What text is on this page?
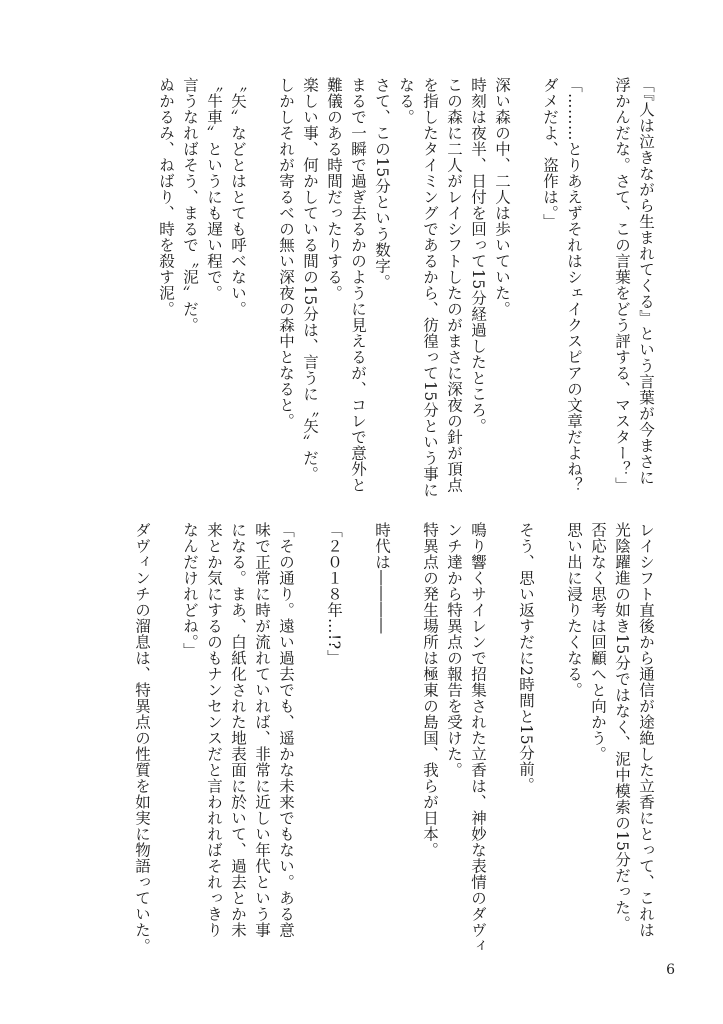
「『人は泣きながら生まれてくる』という言葉が今まさに
浮かんだな。さて、この言葉をどう評する、マスター？」
「………とりあえずそれはシェイクスピアの文章だよね？
ダメだよ、盗作は。」
深い森の中、二人は歩いていた。
時刻は夜半、日付を回って15分経過したところ。
この森に二人がレイシフトしたのがまさに深夜の針が頂点
を指したタイミングであるから、彷徨って15分という事に
なる。
さて、この15分という数字。
まるで一瞬で過ぎ去るかのように見えるが、コレで意外と
難儀のある時間だったりする。
楽しい事、何かしている間の15分は、言うに〝矢〟だ。
しかしそれが寄るべの無い深夜の森中となると。
〝矢〟などとはとても呼べない。
〝牛車〟というにも遅い程で。
言うなればそう、まるで〝泥〟だ。
ぬかるみ、ねばり、時を殺す泥。
レイシフト直後から通信が途絶した立香にとって、これは
光陰躍進の如き15分ではなく、泥中模索の15分だった。
否応なく思考は回顧へと向かう。
思い出に浸りたくなる。
そう、思い返すだに2時間と15分前。
鳴り響くサイレンで招集された立香は、神妙な表情のダヴィ
ンチ達から特異点の報告を受けた。
特異点の発生場所は極東の島国、我らが日本。
時代は――――
「２０１８年…!?」
「その通り。遠い過去でも、遥かな未来でもない。ある意
味で正常に時が流れていれば、非常に近しい年代という事
になる。まあ、白紙化された地表面に於いて、過去とか未
来とか気にするのもナンセンスだと言われればそれっきり
なんだけれどね。」
ダヴィンチの溜息は、特異点の性質を如実に物語っていた。
6
